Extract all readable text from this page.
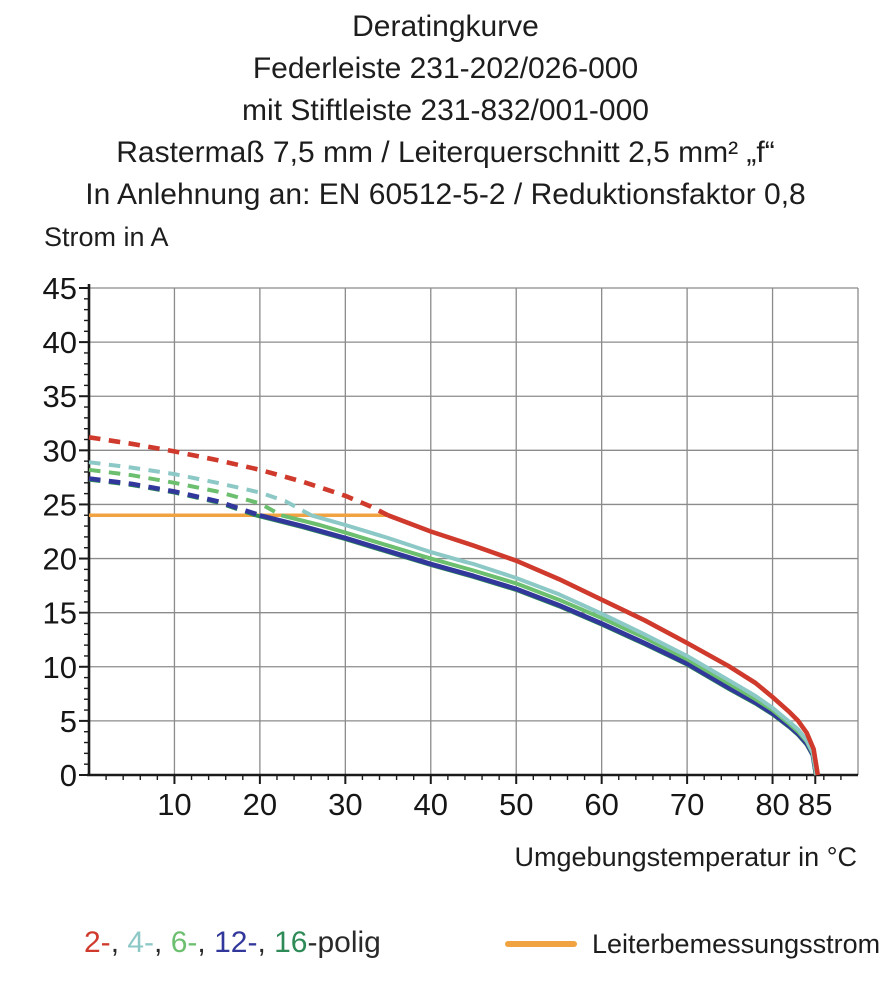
Deratingkurve
Federleiste 231-202/026-000
mit Stiftleiste 231-832/001-000
Rastermaß 7,5 mm / Leiterquerschnitt 2,5 mm² „f“
In Anlehnung an: EN 60512-5-2 / Reduktionsfaktor 0,8
Strom in A
0
5
10
15
20
25
30
35
40
45
10 20 30 40 50 60 70 80 85
Umgebungstemperatur in °C
2-, 4-, 6-, 12-, 16-polig	Leiterbemessungsstrom
